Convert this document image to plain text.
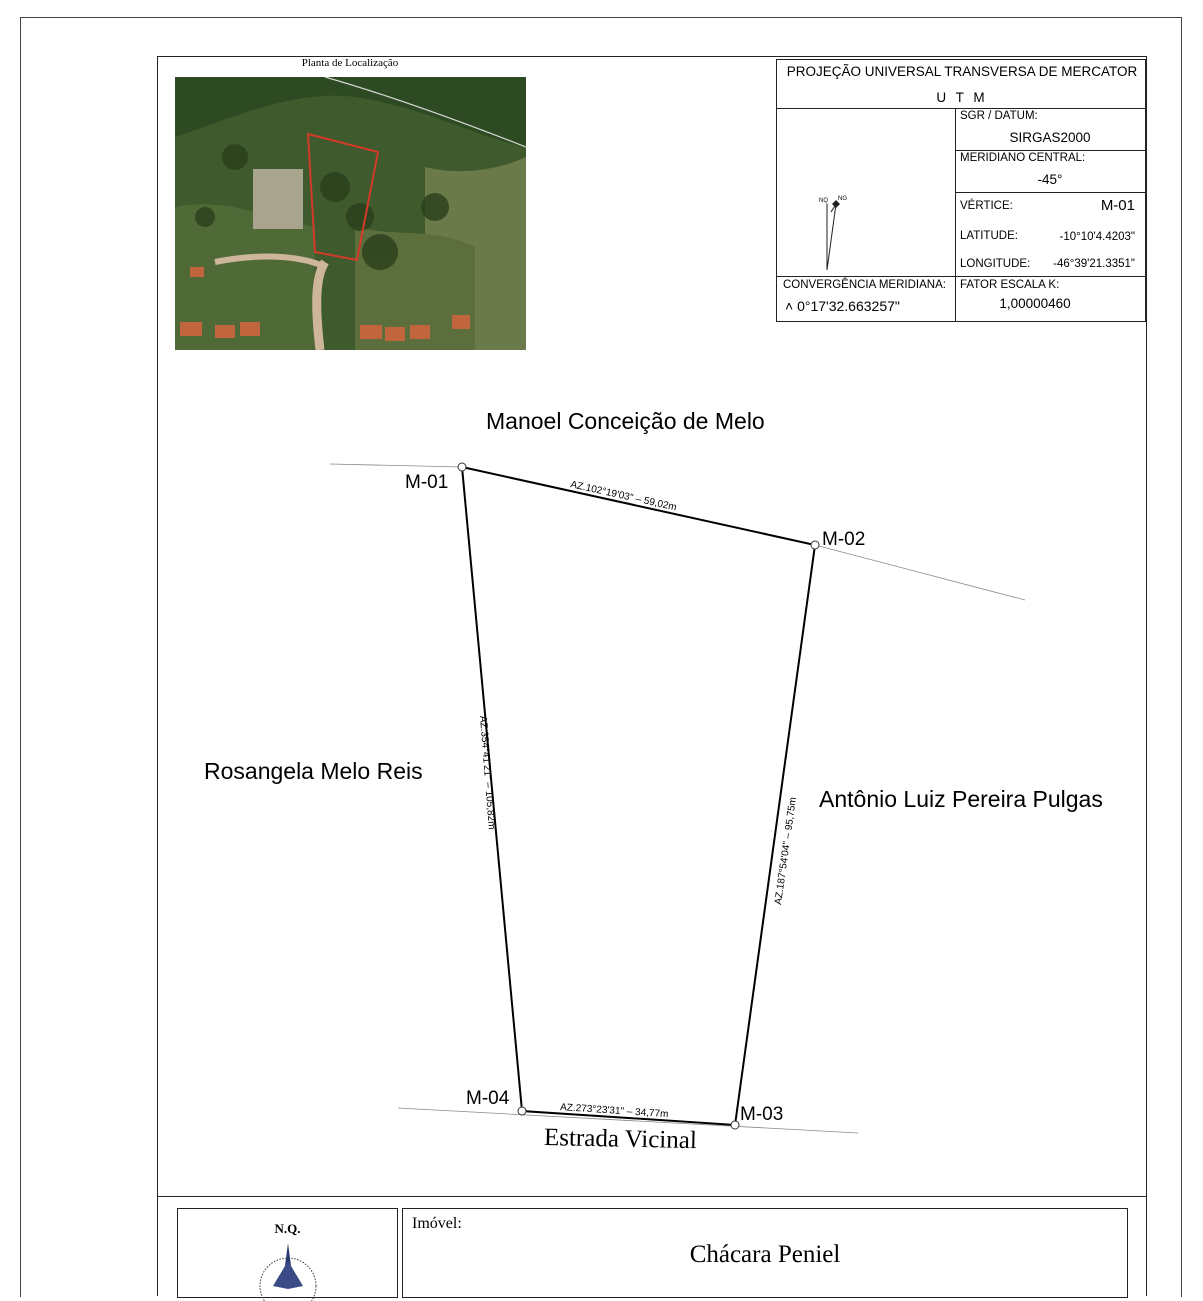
Planta de Localização
PROJEÇÃO UNIVERSAL TRANSVERSA DE MERCATOR
U T M
SGR / DATUM:
SIRGAS2000
MERIDIANO CENTRAL:
-45°
VÉRTICE:	M-01
LATITUDE:	-10°10'4.4203"
LONGITUDE: -46°39'21.3351"
NQ NG
CONVERGÊNCIA MERIDIANA:
˄ 0°17'32.663257"
FATOR ESCALA K:
1,00000460
Manoel Conceição de Melo
Rosangela Melo Reis
Antônio Luiz Pereira Pulgas
Estrada Vicinal
M-01
M-02
M-03
M-04
AZ.102°19'03" – 59,02m
AZ.187°54'04" – 95,75m
AZ.273°23'31" – 34,77m
AZ.354°41'21" – 105,82m
N.Q.	Imóvel:
Chácara Peniel
